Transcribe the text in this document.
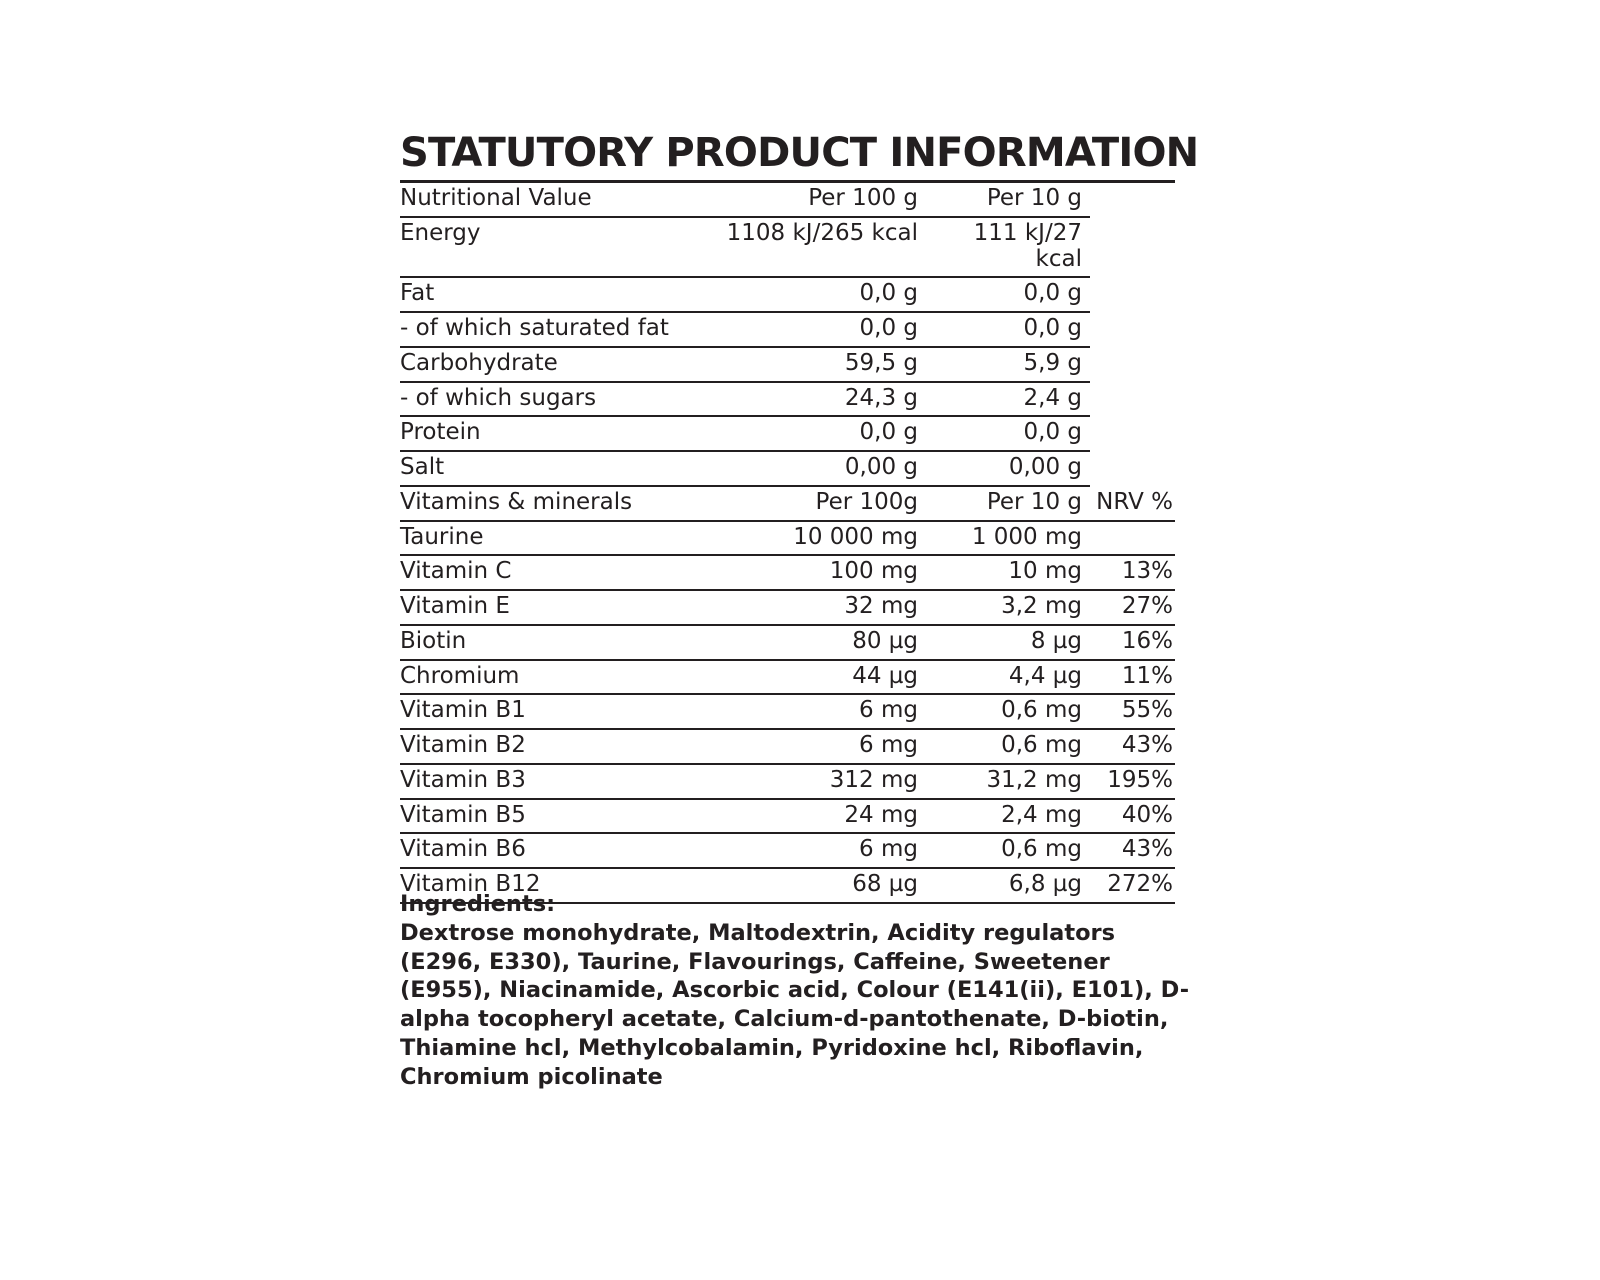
STATUTORY PRODUCT INFORMATION
Nutritional Value	Per 100 g	Per 10 g	
Energy	1108 kJ/265 kcal	111 kJ/27 kcal	
Fat	0,0 g	0,0 g	
- of which saturated fat	0,0 g	0,0 g	
Carbohydrate	59,5 g	5,9 g	
- of which sugars	24,3 g	2,4 g	
Protein	0,0 g	0,0 g	
Salt	0,00 g	0,00 g	
Vitamins & minerals	Per 100g	Per 10 g	NRV %
Taurine	10 000 mg	1 000 mg	
Vitamin C	100 mg	10 mg	13%
Vitamin E	32 mg	3,2 mg	27%
Biotin	80 µg	8 µg	16%
Chromium	44 µg	4,4 µg	11%
Vitamin B1	6 mg	0,6 mg	55%
Vitamin B2	6 mg	0,6 mg	43%
Vitamin B3	312 mg	31,2 mg	195%
Vitamin B5	24 mg	2,4 mg	40%
Vitamin B6	6 mg	0,6 mg	43%
Vitamin B12	68 µg	6,8 µg	272%
Ingredients:
Dextrose monohydrate, Maltodextrin, Acidity regulators (E296, E330), Taurine, Flavourings, Caffeine, Sweetener (E955), Niacinamide, Ascorbic acid, Colour (E141(ii), E101), D-alpha tocopheryl acetate, Calcium-d-pantothenate, D-biotin, Thiamine hcl, Methylcobalamin, Pyridoxine hcl, Riboflavin, Chromium picolinate
